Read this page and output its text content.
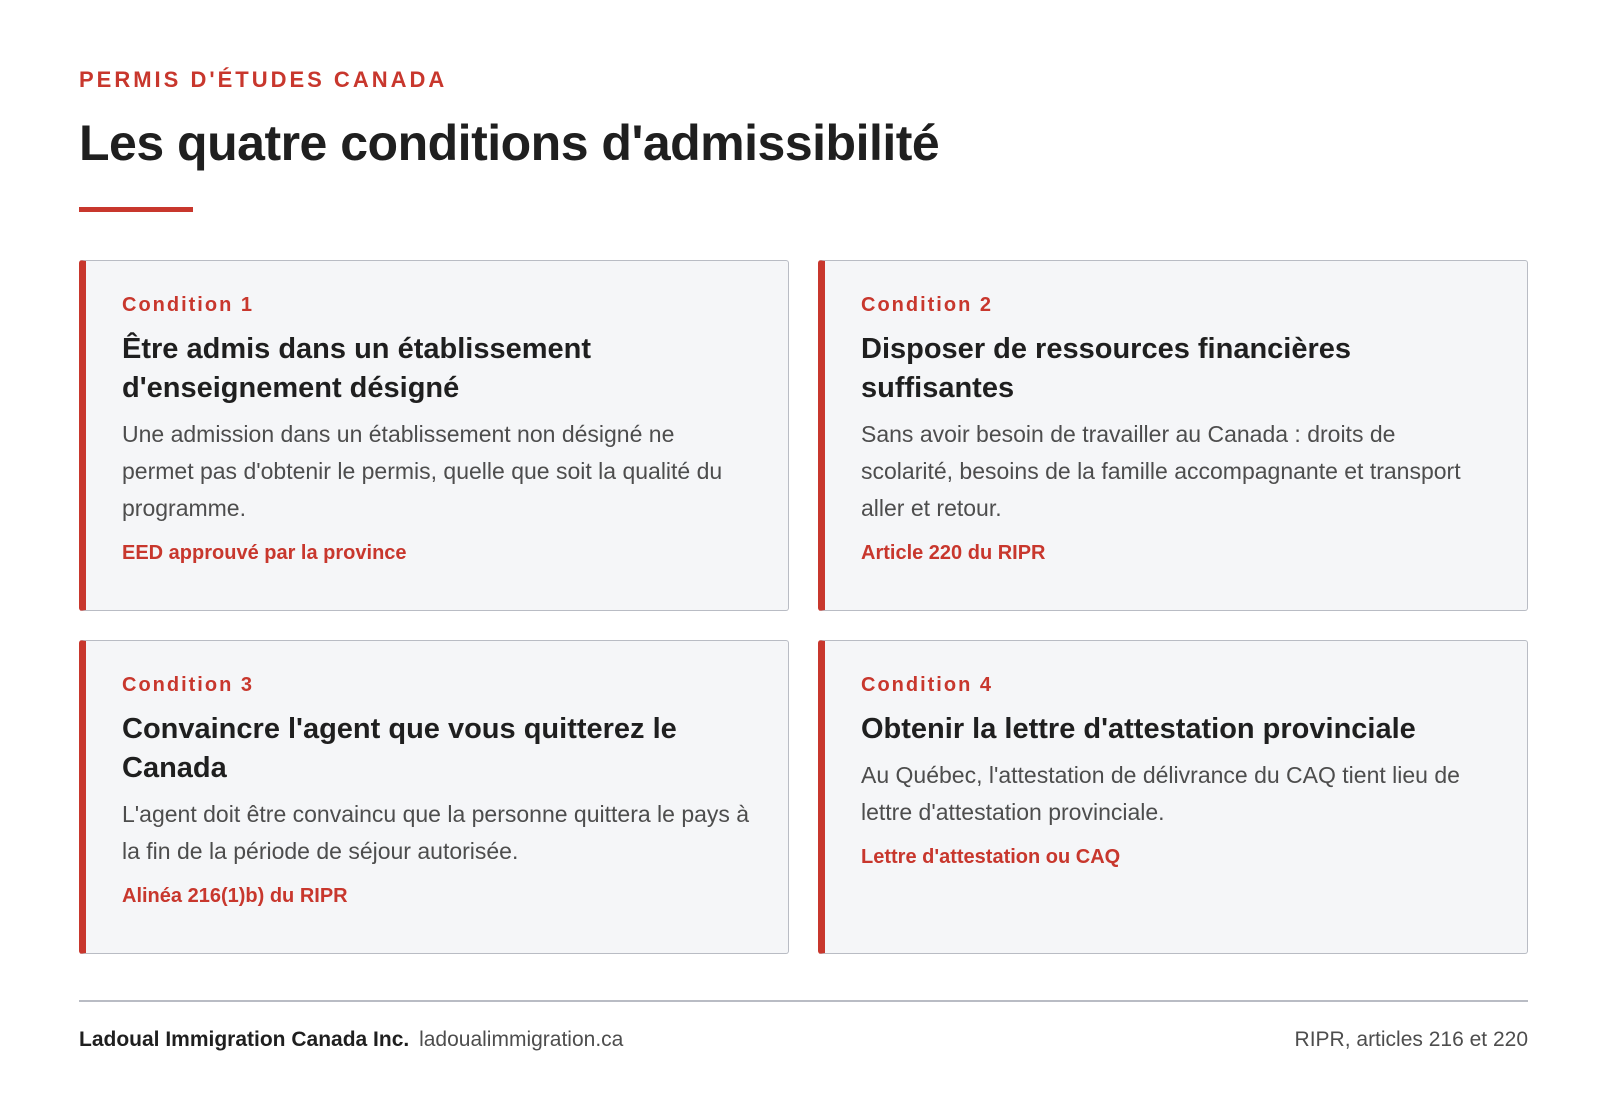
PERMIS D'ÉTUDES CANADA
Les quatre conditions d'admissibilité
Condition 1
Être admis dans un établissement d'enseignement désigné

Une admission dans un établissement non désigné ne permet pas d'obtenir le permis, quelle que soit la qualité du programme.

EED approuvé par la province
Condition 2
Disposer de ressources financières suffisantes

Sans avoir besoin de travailler au Canada : droits de scolarité, besoins de la famille accompagnante et transport aller et retour.

Article 220 du RIPR
Condition 3
Convaincre l'agent que vous quitterez le Canada

L'agent doit être convaincu que la personne quittera le pays à la fin de la période de séjour autorisée.

Alinéa 216(1)b) du RIPR
Condition 4
Obtenir la lettre d'attestation provinciale

Au Québec, l'attestation de délivrance du CAQ tient lieu de lettre d'attestation provinciale.

Lettre d'attestation ou CAQ
Ladoual Immigration Canada Inc. ladoualimmigration.ca	RIPR, articles 216 et 220
